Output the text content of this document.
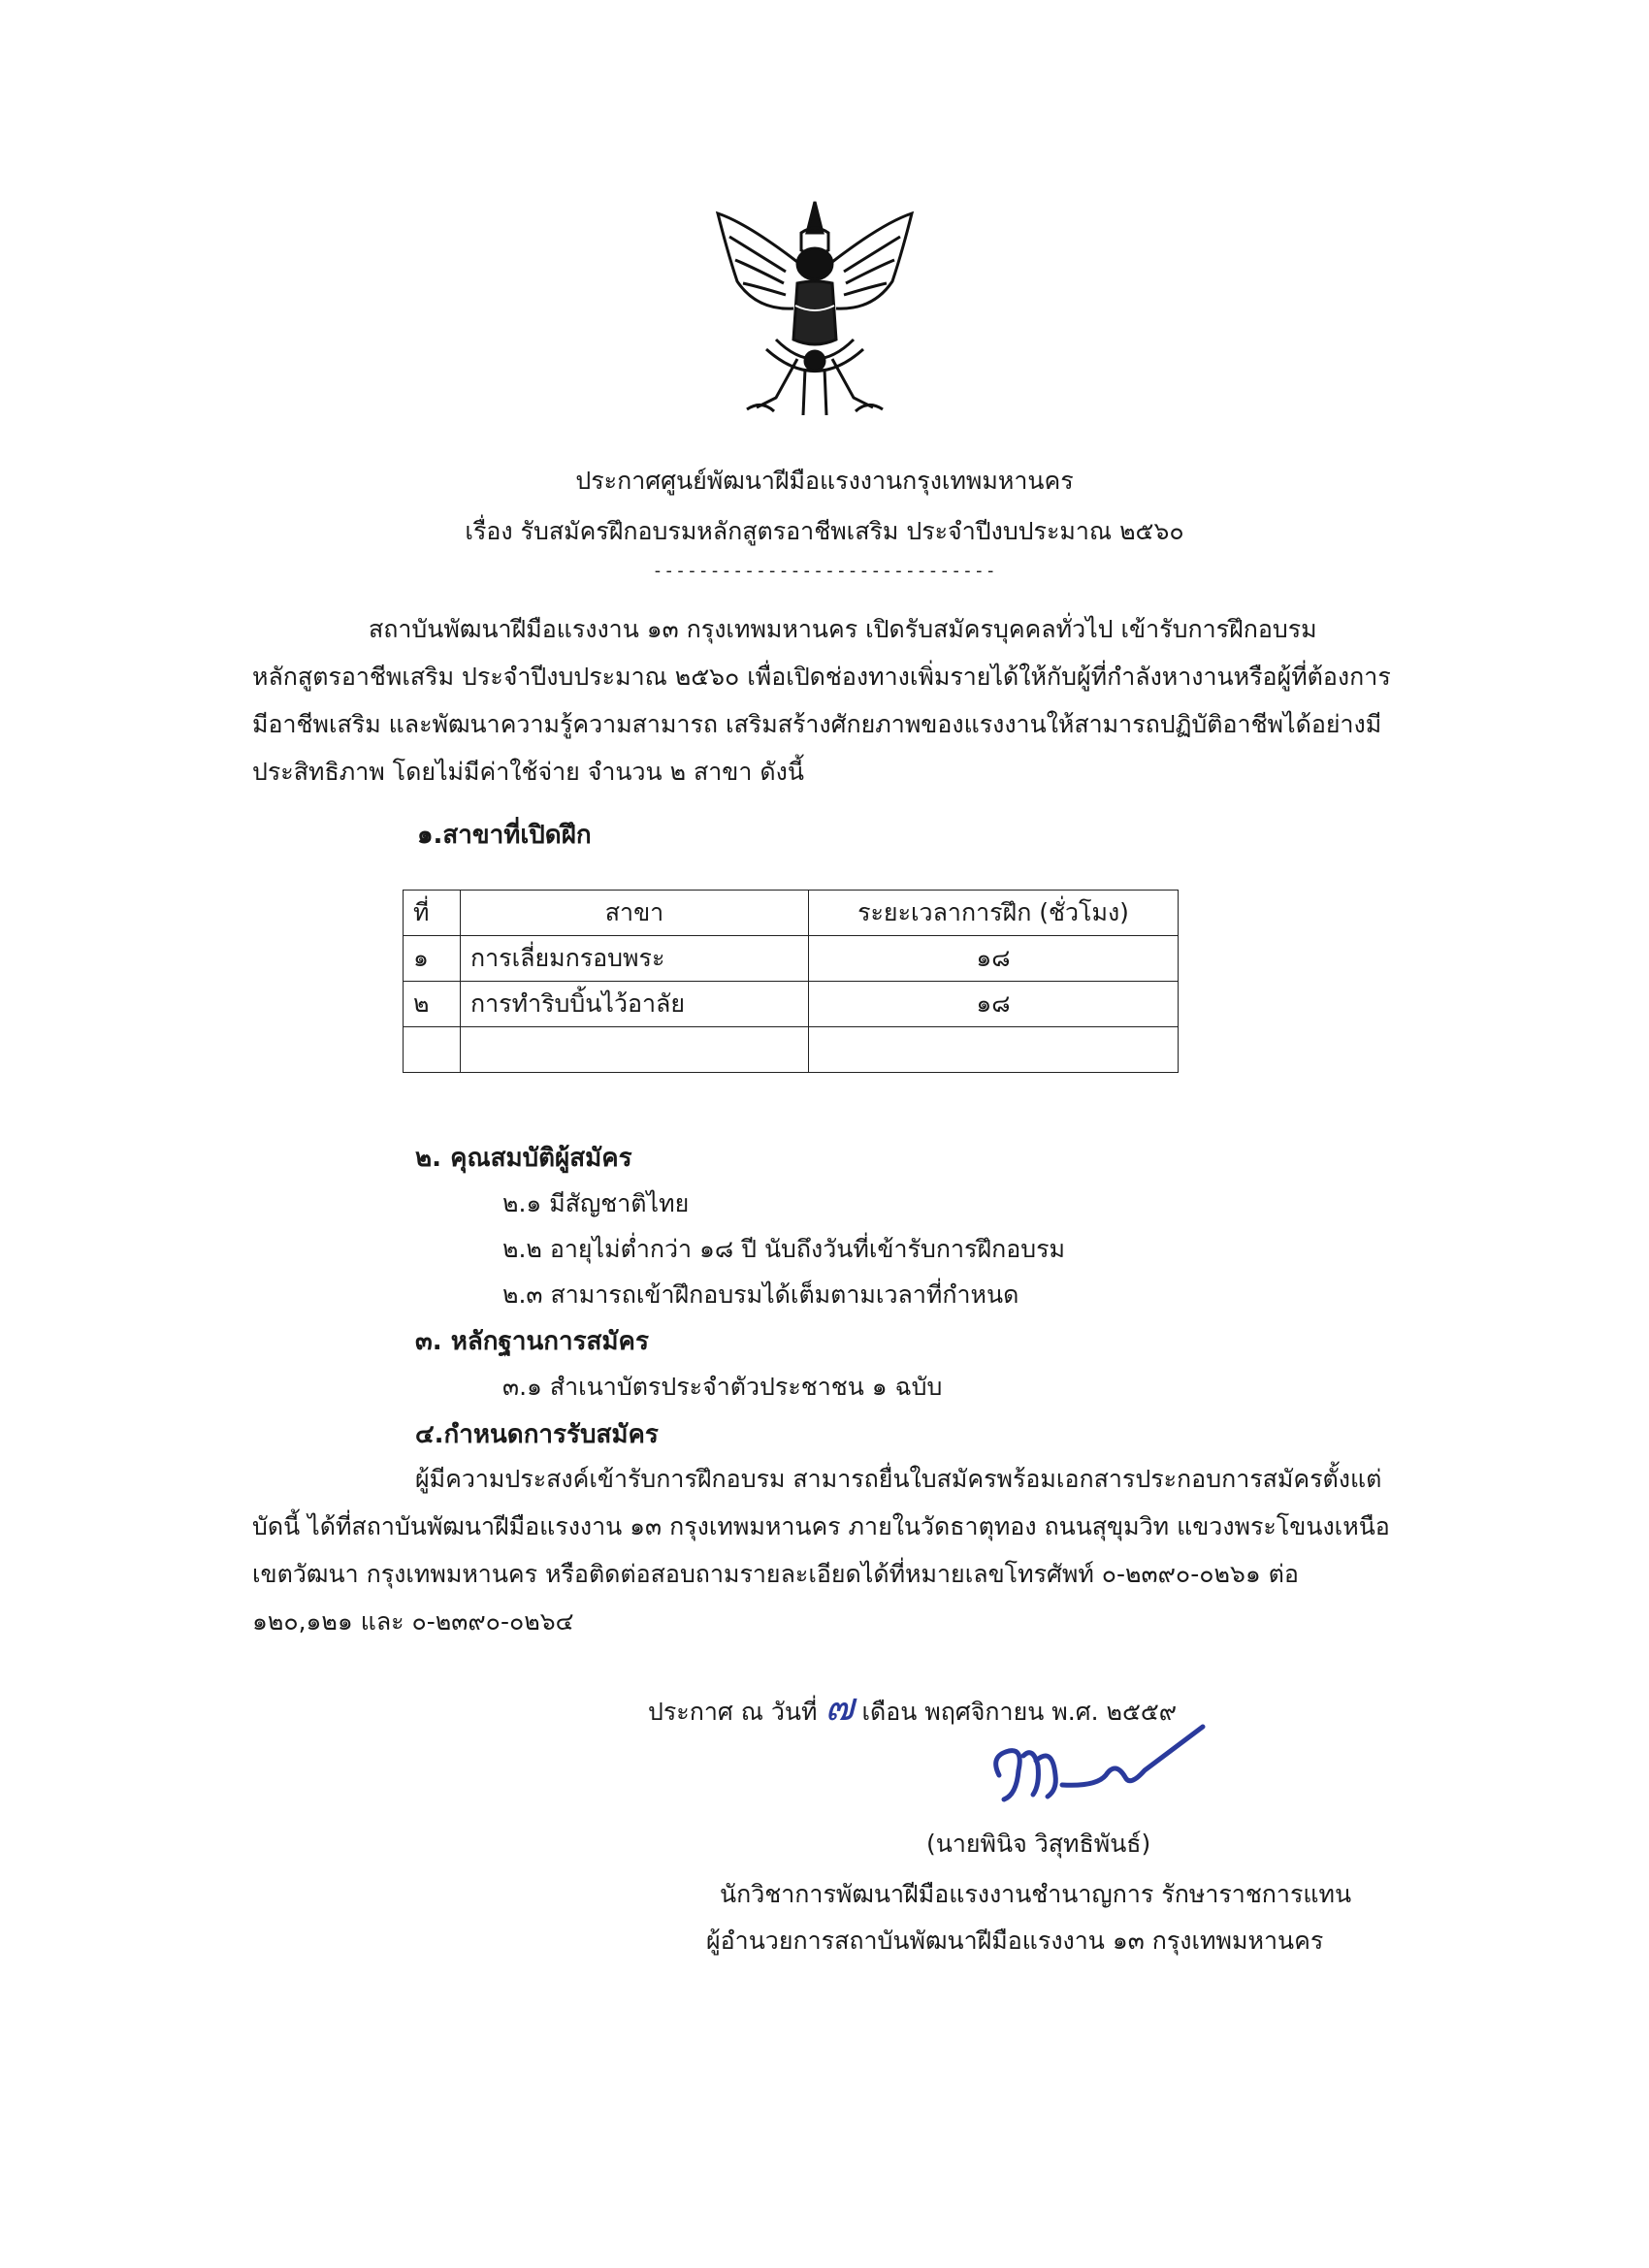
ประกาศศูนย์พัฒนาฝีมือแรงงานกรุงเทพมหานคร
เรื่อง รับสมัครฝึกอบรมหลักสูตรอาชีพเสริม ประจำปีงบประมาณ ๒๕๖๐
------------------------------
สถาบันพัฒนาฝีมือแรงงาน ๑๓ กรุงเทพมหานคร เปิดรับสมัครบุคคลทั่วไป เข้ารับการฝึกอบรม
หลักสูตรอาชีพเสริม ประจำปีงบประมาณ ๒๕๖๐ เพื่อเปิดช่องทางเพิ่มรายได้ให้กับผู้ที่กำลังหางานหรือผู้ที่ต้องการ
มีอาชีพเสริม และพัฒนาความรู้ความสามารถ เสริมสร้างศักยภาพของแรงงานให้สามารถปฏิบัติอาชีพได้อย่างมี
ประสิทธิภาพ โดยไม่มีค่าใช้จ่าย จำนวน ๒ สาขา ดังนี้
๑.สาขาที่เปิดฝึก
ที่	สาขา	ระยะเวลาการฝึก (ชั่วโมง)
๑	การเลี่ยมกรอบพระ	๑๘
๒	การทำริบบิ้นไว้อาลัย	๑๘

๒. คุณสมบัติผู้สมัคร
๒.๑ มีสัญชาติไทย
๒.๒ อายุไม่ต่ำกว่า ๑๘ ปี นับถึงวันที่เข้ารับการฝึกอบรม
๒.๓ สามารถเข้าฝึกอบรมได้เต็มตามเวลาที่กำหนด
๓. หลักฐานการสมัคร
๓.๑ สำเนาบัตรประจำตัวประชาชน ๑ ฉบับ
๔.กำหนดการรับสมัคร
ผู้มีความประสงค์เข้ารับการฝึกอบรม สามารถยื่นใบสมัครพร้อมเอกสารประกอบการสมัครตั้งแต่
บัดนี้ ได้ที่สถาบันพัฒนาฝีมือแรงงาน ๑๓ กรุงเทพมหานคร ภายในวัดธาตุทอง ถนนสุขุมวิท แขวงพระโขนงเหนือ
เขตวัฒนา กรุงเทพมหานคร หรือติดต่อสอบถามรายละเอียดได้ที่หมายเลขโทรศัพท์ ๐-๒๓๙๐-๐๒๖๑ ต่อ
๑๒๐,๑๒๑ และ ๐-๒๓๙๐-๐๒๖๔
ประกาศ ณ วันที่ ๗ เดือน พฤศจิกายน พ.ศ. ๒๕๕๙
(นายพินิจ วิสุทธิพันธ์)
นักวิชาการพัฒนาฝีมือแรงงานชำนาญการ รักษาราชการแทน
ผู้อำนวยการสถาบันพัฒนาฝีมือแรงงาน ๑๓ กรุงเทพมหานคร
